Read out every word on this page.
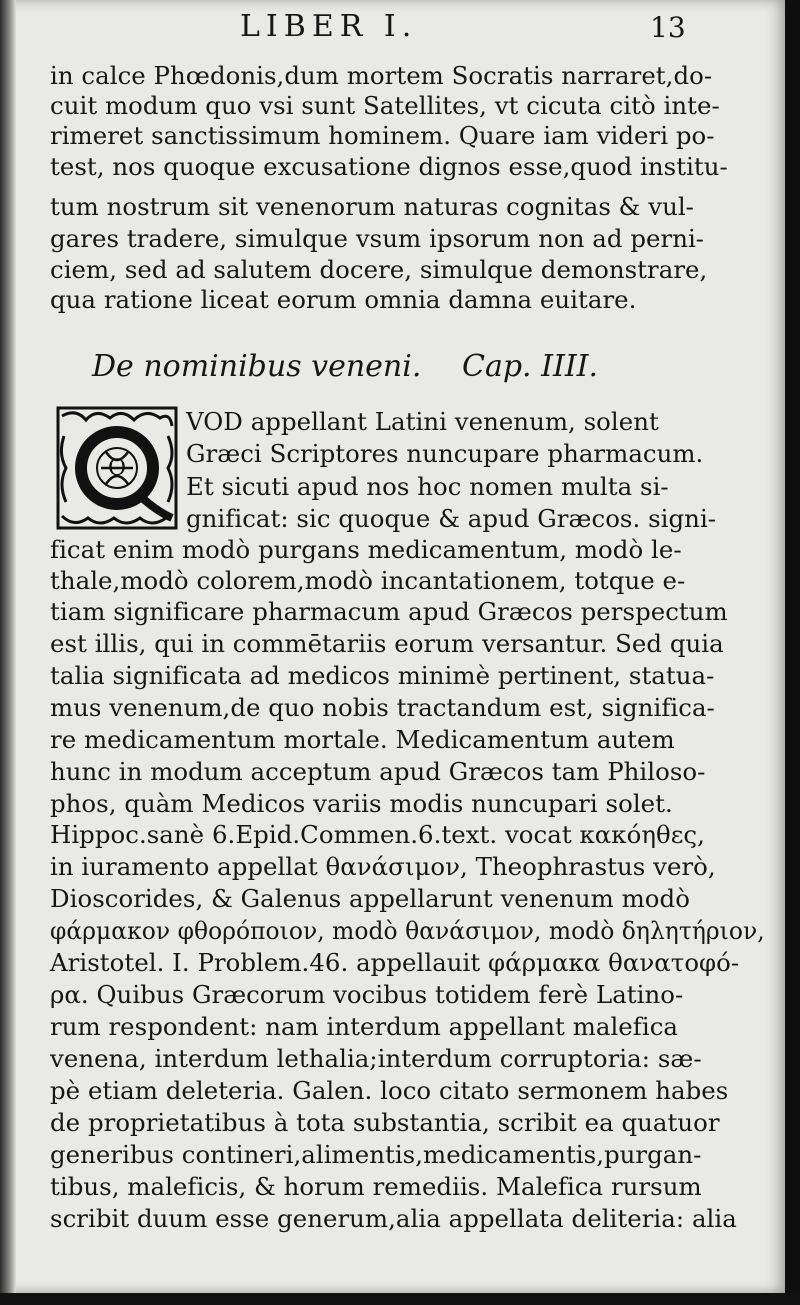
LIBER I.	13
in calce Phœdonis,dum mortem Socratis narraret,do-
cuit modum quo vsi sunt Satellites, vt cicuta citò inte-
rimeret sanctissimum hominem. Quare iam videri po-
test, nos quoque excusatione dignos esse,quod institu-
tum nostrum sit venenorum naturas cognitas & vul-
gares tradere, simulque vsum ipsorum non ad perni-
ciem, sed ad salutem docere, simulque demonstrare,
qua ratione liceat eorum omnia damna euitare.
De nominibus veneni. Cap. IIII.
Q
VOD appellant Latini venenum, solent
Græci Scriptores nuncupare pharmacum.
Et sicuti apud nos hoc nomen multa si-
gnificat: sic quoque & apud Græcos. signi-
ficat enim modò purgans medicamentum, modò le-
thale,modò colorem,modò incantationem, totque e-
tiam significare pharmacum apud Græcos perspectum
est illis, qui in commētariis eorum versantur. Sed quia
talia significata ad medicos minimè pertinent, statua-
mus venenum,de quo nobis tractandum est, significa-
re medicamentum mortale. Medicamentum autem
hunc in modum acceptum apud Græcos tam Philoso-
phos, quàm Medicos variis modis nuncupari solet.
Hippoc.sanè 6.Epid.Commen.6.text. vocat κακόηθες,
in iuramento appellat θανάσιμον, Theophrastus verò,
Dioscorides, & Galenus appellarunt venenum modò
φάρμακον φθορόποιον, modò θανάσιμον, modò δηλητήριον,
Aristotel. I. Problem.46. appellauit φάρμακα θανατοφό-
ρα. Quibus Græcorum vocibus totidem ferè Latino-
rum respondent: nam interdum appellant malefica
venena, interdum lethalia;interdum corruptoria: sæ-
pè etiam deleteria. Galen. loco citato sermonem habes
de proprietatibus à tota substantia, scribit ea quatuor
generibus contineri,alimentis,medicamentis,purgan-
tibus, maleficis, & horum remediis. Malefica rursum
scribit duum esse generum,alia appellata deliteria: alia
